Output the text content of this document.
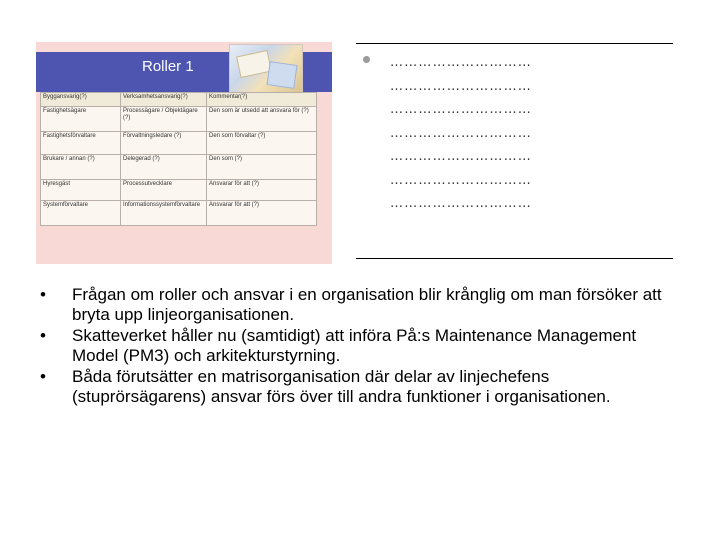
Roller 1
Byggansvarig(?)	Verksamhetsansvarig(?)	Kommentar(?)
Fastighetsägare	Processägare / Objektägare (?)	Den som är utsedd att ansvara för (?)
Fastighetsförvaltare	Förvaltningsledare (?)	Den som förvaltar (?)
Brukare / annan (?)	Delegerad (?)	Den som (?)
Hyresgäst	Processutvecklare	Ansvarar för att (?)
Systemförvaltare	Informationssystemförvaltare	Ansvarar för att (?)
…………………………
…………………………
…………………………
…………………………
…………………………
…………………………
…………………………
•	Frågan om roller och ansvar i en organisation blir krånglig om man försöker att bryta upp linjeorganisationen.
•	Skatteverket håller nu (samtidigt) att införa På:s Maintenance Management Model (PM3) och arkitekturstyrning.
•	Båda förutsätter en matrisorganisation där delar av linjechefens (stuprörsägarens) ansvar förs över till andra funktioner i organisationen.
